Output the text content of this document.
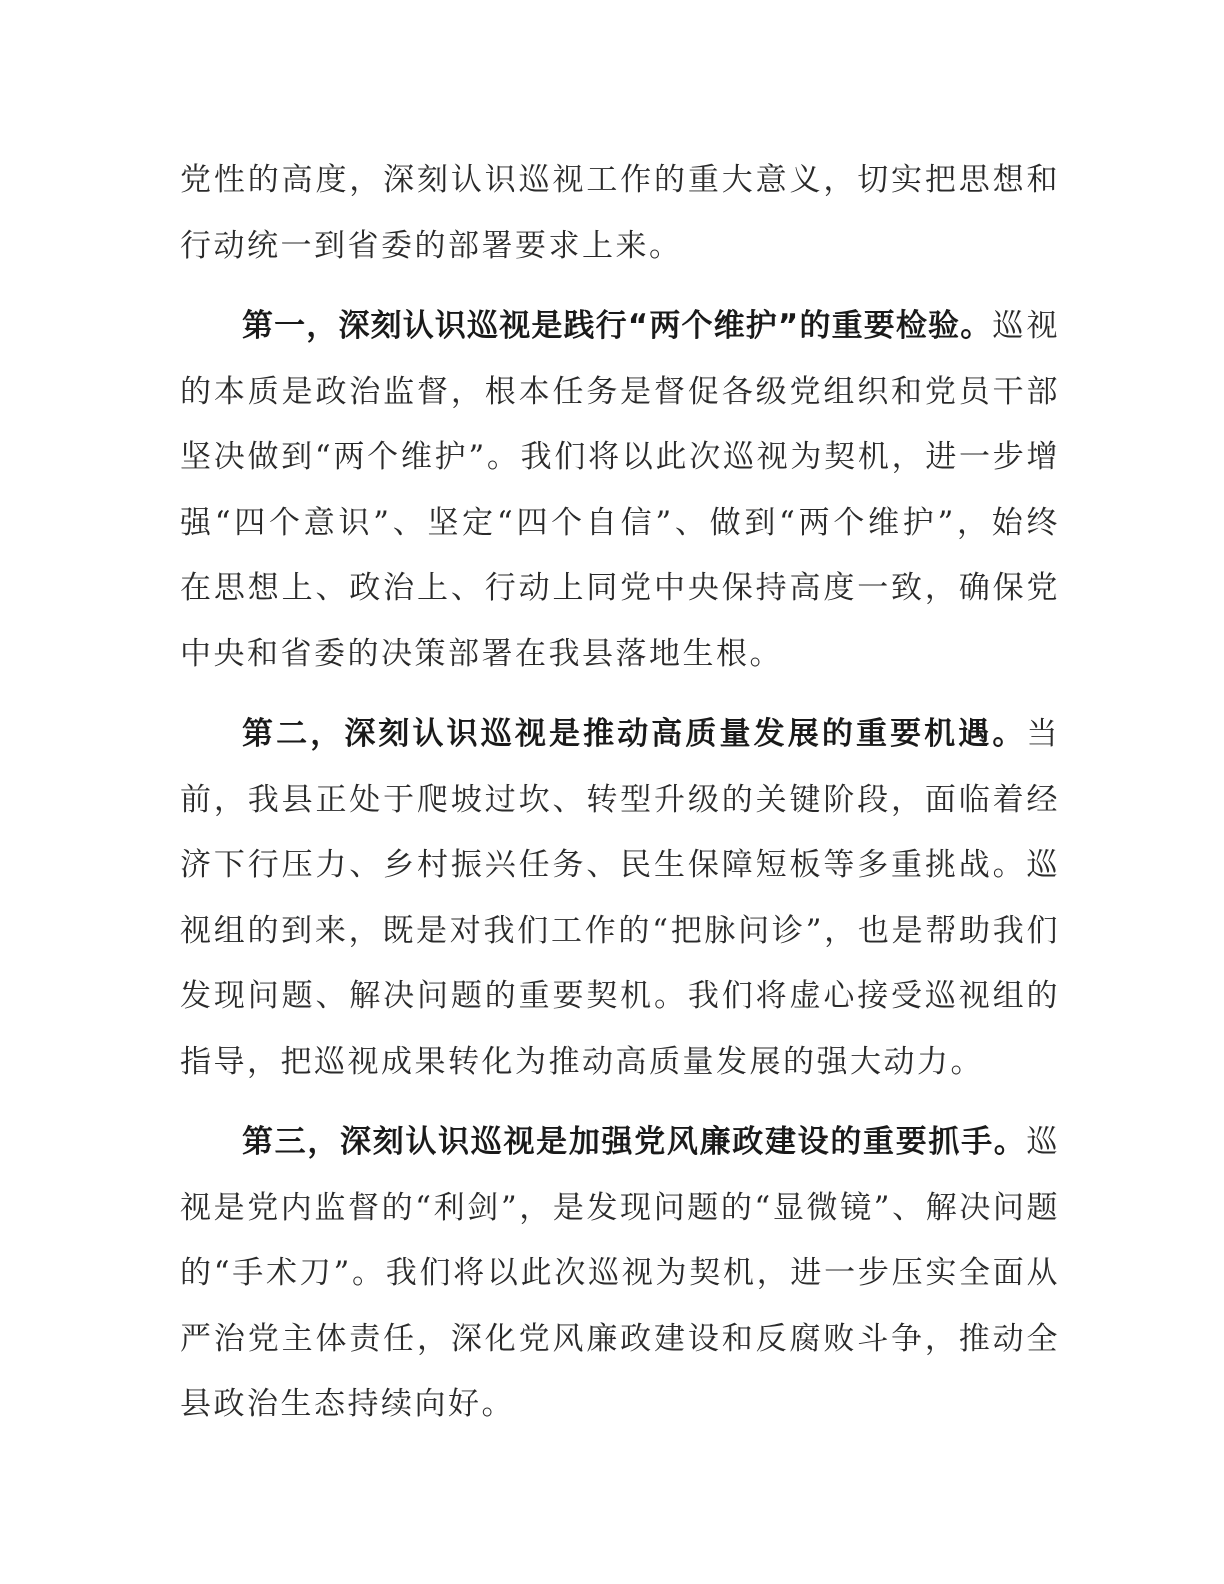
党性的高度，深刻认识巡视工作的重大意义，切实把思想和行动统一到省委的部署要求上来。

第一，深刻认识巡视是践行“两个维护”的重要检验。巡视的本质是政治监督，根本任务是督促各级党组织和党员干部坚决做到“两个维护”。我们将以此次巡视为契机，进一步增强“四个意识”、坚定“四个自信”、做到“两个维护”，始终在思想上、政治上、行动上同党中央保持高度一致，确保党中央和省委的决策部署在我县落地生根。

第二，深刻认识巡视是推动高质量发展的重要机遇。当前，我县正处于爬坡过坎、转型升级的关键阶段，面临着经济下行压力、乡村振兴任务、民生保障短板等多重挑战。巡视组的到来，既是对我们工作的“把脉问诊”，也是帮助我们发现问题、解决问题的重要契机。我们将虚心接受巡视组的指导，把巡视成果转化为推动高质量发展的强大动力。

第三，深刻认识巡视是加强党风廉政建设的重要抓手。巡视是党内监督的“利剑”，是发现问题的“显微镜”、解决问题的“手术刀”。我们将以此次巡视为契机，进一步压实全面从严治党主体责任，深化党风廉政建设和反腐败斗争，推动全县政治生态持续向好。
